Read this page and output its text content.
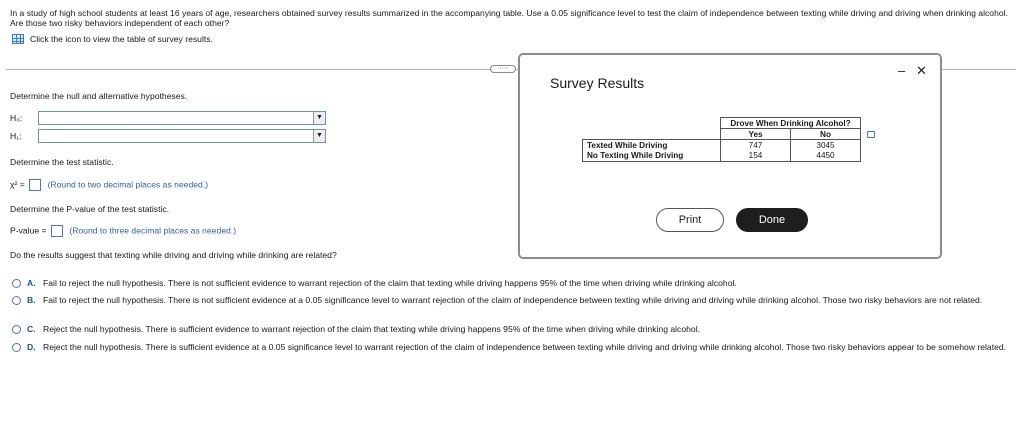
In a study of high school students at least 16 years of age, researchers obtained survey results summarized in the accompanying table. Use a 0.05 significance level to test the claim of independence between texting while driving and driving when drinking alcohol. Are those two risky behaviors independent of each other?
Click the icon to view the table of survey results.
·····
Determine the null and alternative hypotheses.
H₀:	▼
H₁:	▼
Determine the test statistic.
χ² =	(Round to two decimal places as needed.)
Determine the P-value of the test statistic.
P-value =	(Round to three decimal places as needed.)
Do the results suggest that texting while driving and driving while drinking are related?
A. Fail to reject the null hypothesis. There is not sufficient evidence to warrant rejection of the claim that texting while driving happens 95% of the time when driving while drinking alcohol.
B. Fail to reject the null hypothesis. There is not sufficient evidence at a 0.05 significance level to warrant rejection of the claim of independence between texting while driving and driving while drinking alcohol. Those two risky behaviors are not related.
C. Reject the null hypothesis. There is sufficient evidence to warrant rejection of the claim that texting while driving happens 95% of the time when driving while drinking alcohol.
D. Reject the null hypothesis. There is sufficient evidence at a 0.05 significance level to warrant rejection of the claim of independence between texting while driving and driving while drinking alcohol. Those two risky behaviors appear to be somehow related.
Survey Results
– ✕
	Drove When Drinking Alcohol?	
	Yes	No
Texted While Driving	747	3045
No Texting While Driving	154	4450
Print	Done
